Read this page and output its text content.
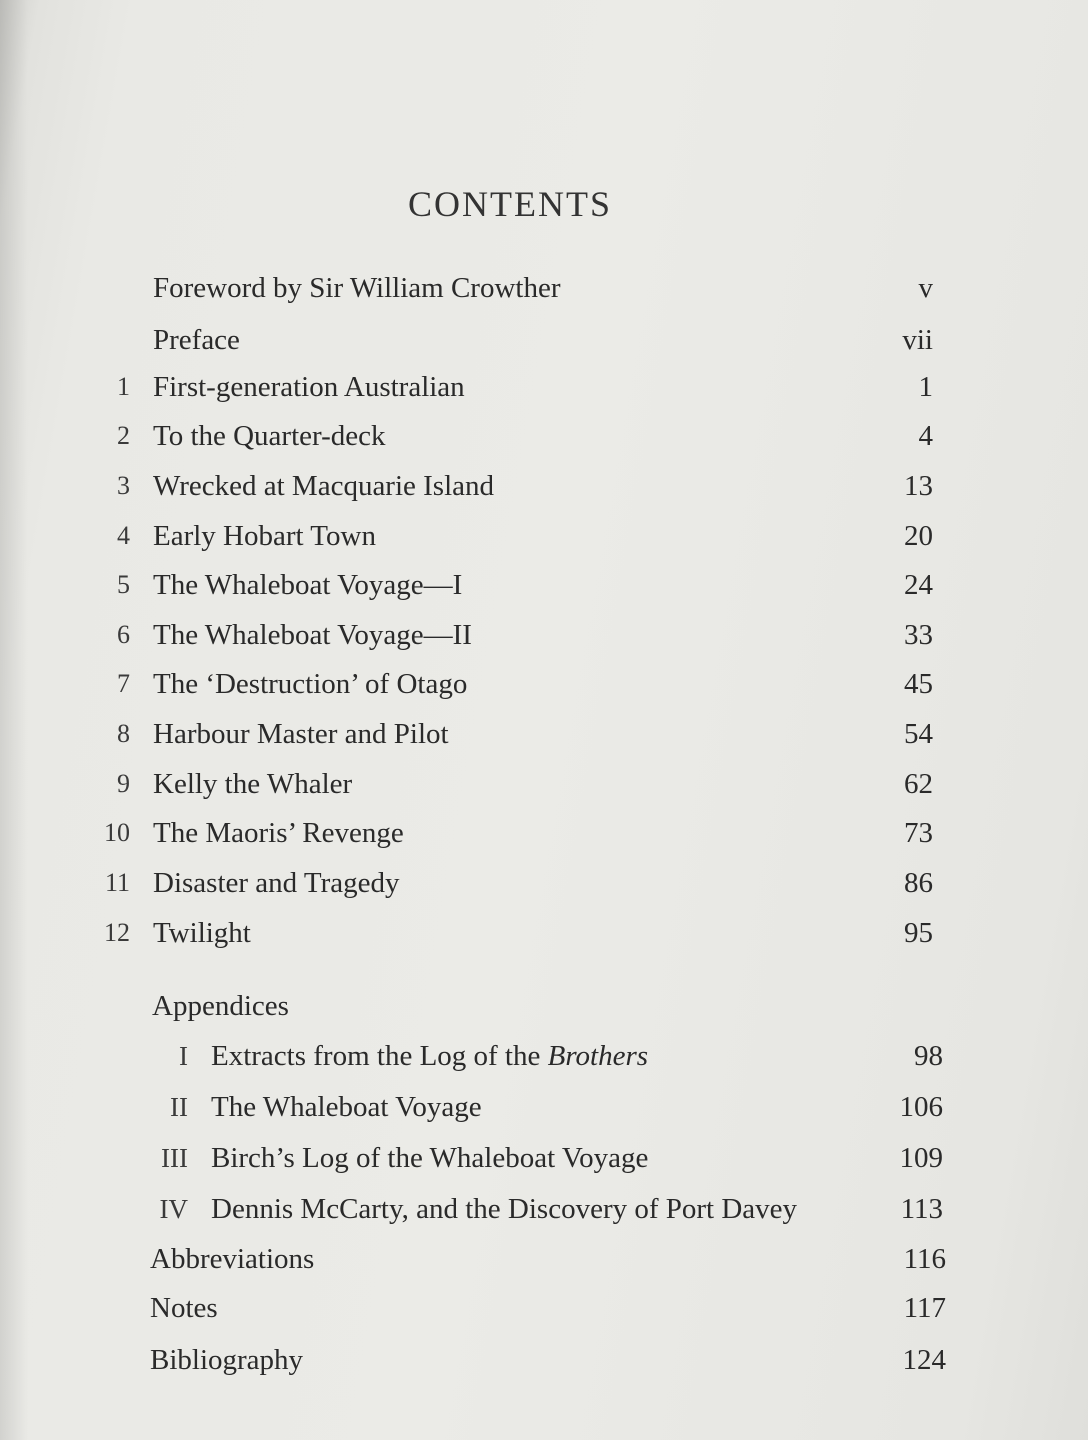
CONTENTS
Foreword by Sir William Crowther	v
Preface	vii
1 First-generation Australian	1
2 To the Quarter-deck	4
3 Wrecked at Macquarie Island	13
4 Early Hobart Town	20
5 The Whaleboat Voyage—I	24
6 The Whaleboat Voyage—II	33
7 The ‘Destruction’ of Otago	45
8 Harbour Master and Pilot	54
9 Kelly the Whaler	62
10 The Maoris’ Revenge	73
11 Disaster and Tragedy	86
12 Twilight	95
Appendices
I Extracts from the Log of the Brothers	98
II The Whaleboat Voyage	106
III Birch’s Log of the Whaleboat Voyage	109
IV Dennis McCarty, and the Discovery of Port Davey	113
Abbreviations	116
Notes	117
Bibliography	124
